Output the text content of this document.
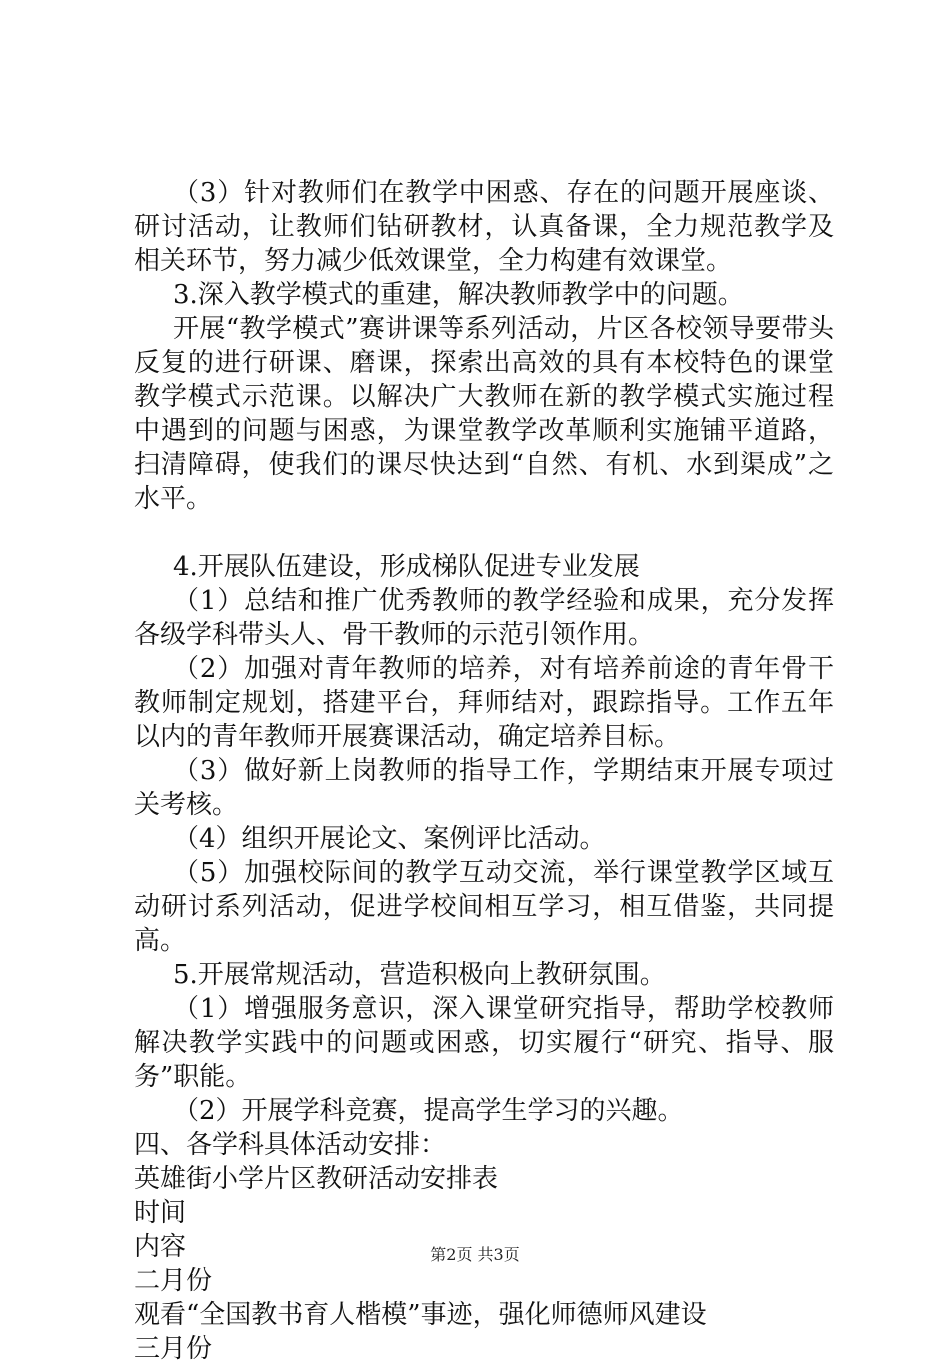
（3）针对教师们在教学中困惑、存在的问题开展座谈、研讨活动，让教师们钻研教材，认真备课，全力规范教学及相关环节，努力减少低效课堂，全力构建有效课堂。

3.深入教学模式的重建，解决教师教学中的问题。

开展“教学模式”赛讲课等系列活动，片区各校领导要带头反复的进行研课、磨课，探索出高效的具有本校特色的课堂教学模式示范课。以解决广大教师在新的教学模式实施过程中遇到的问题与困惑，为课堂教学改革顺利实施铺平道路，扫清障碍，使我们的课尽快达到“自然、有机、水到渠成”之水平。

4.开展队伍建设，形成梯队促进专业发展

（1）总结和推广优秀教师的教学经验和成果，充分发挥各级学科带头人、骨干教师的示范引领作用。

（2）加强对青年教师的培养，对有培养前途的青年骨干教师制定规划，搭建平台，拜师结对，跟踪指导。工作五年以内的青年教师开展赛课活动，确定培养目标。

（3）做好新上岗教师的指导工作，学期结束开展专项过关考核。

（4）组织开展论文、案例评比活动。

（5）加强校际间的教学互动交流，举行课堂教学区域互动研讨系列活动，促进学校间相互学习，相互借鉴，共同提高。

5.开展常规活动，营造积极向上教研氛围。

（1）增强服务意识，深入课堂研究指导，帮助学校教师解决教学实践中的问题或困惑，切实履行“研究、指导、服务”职能。

（2）开展学科竞赛，提高学生学习的兴趣。

四、各学科具体活动安排：

英雄街小学片区教研活动安排表

时间

内容

二月份

观看“全国教书育人楷模”事迹，强化师德师风建设

三月份

第2页 共3页
